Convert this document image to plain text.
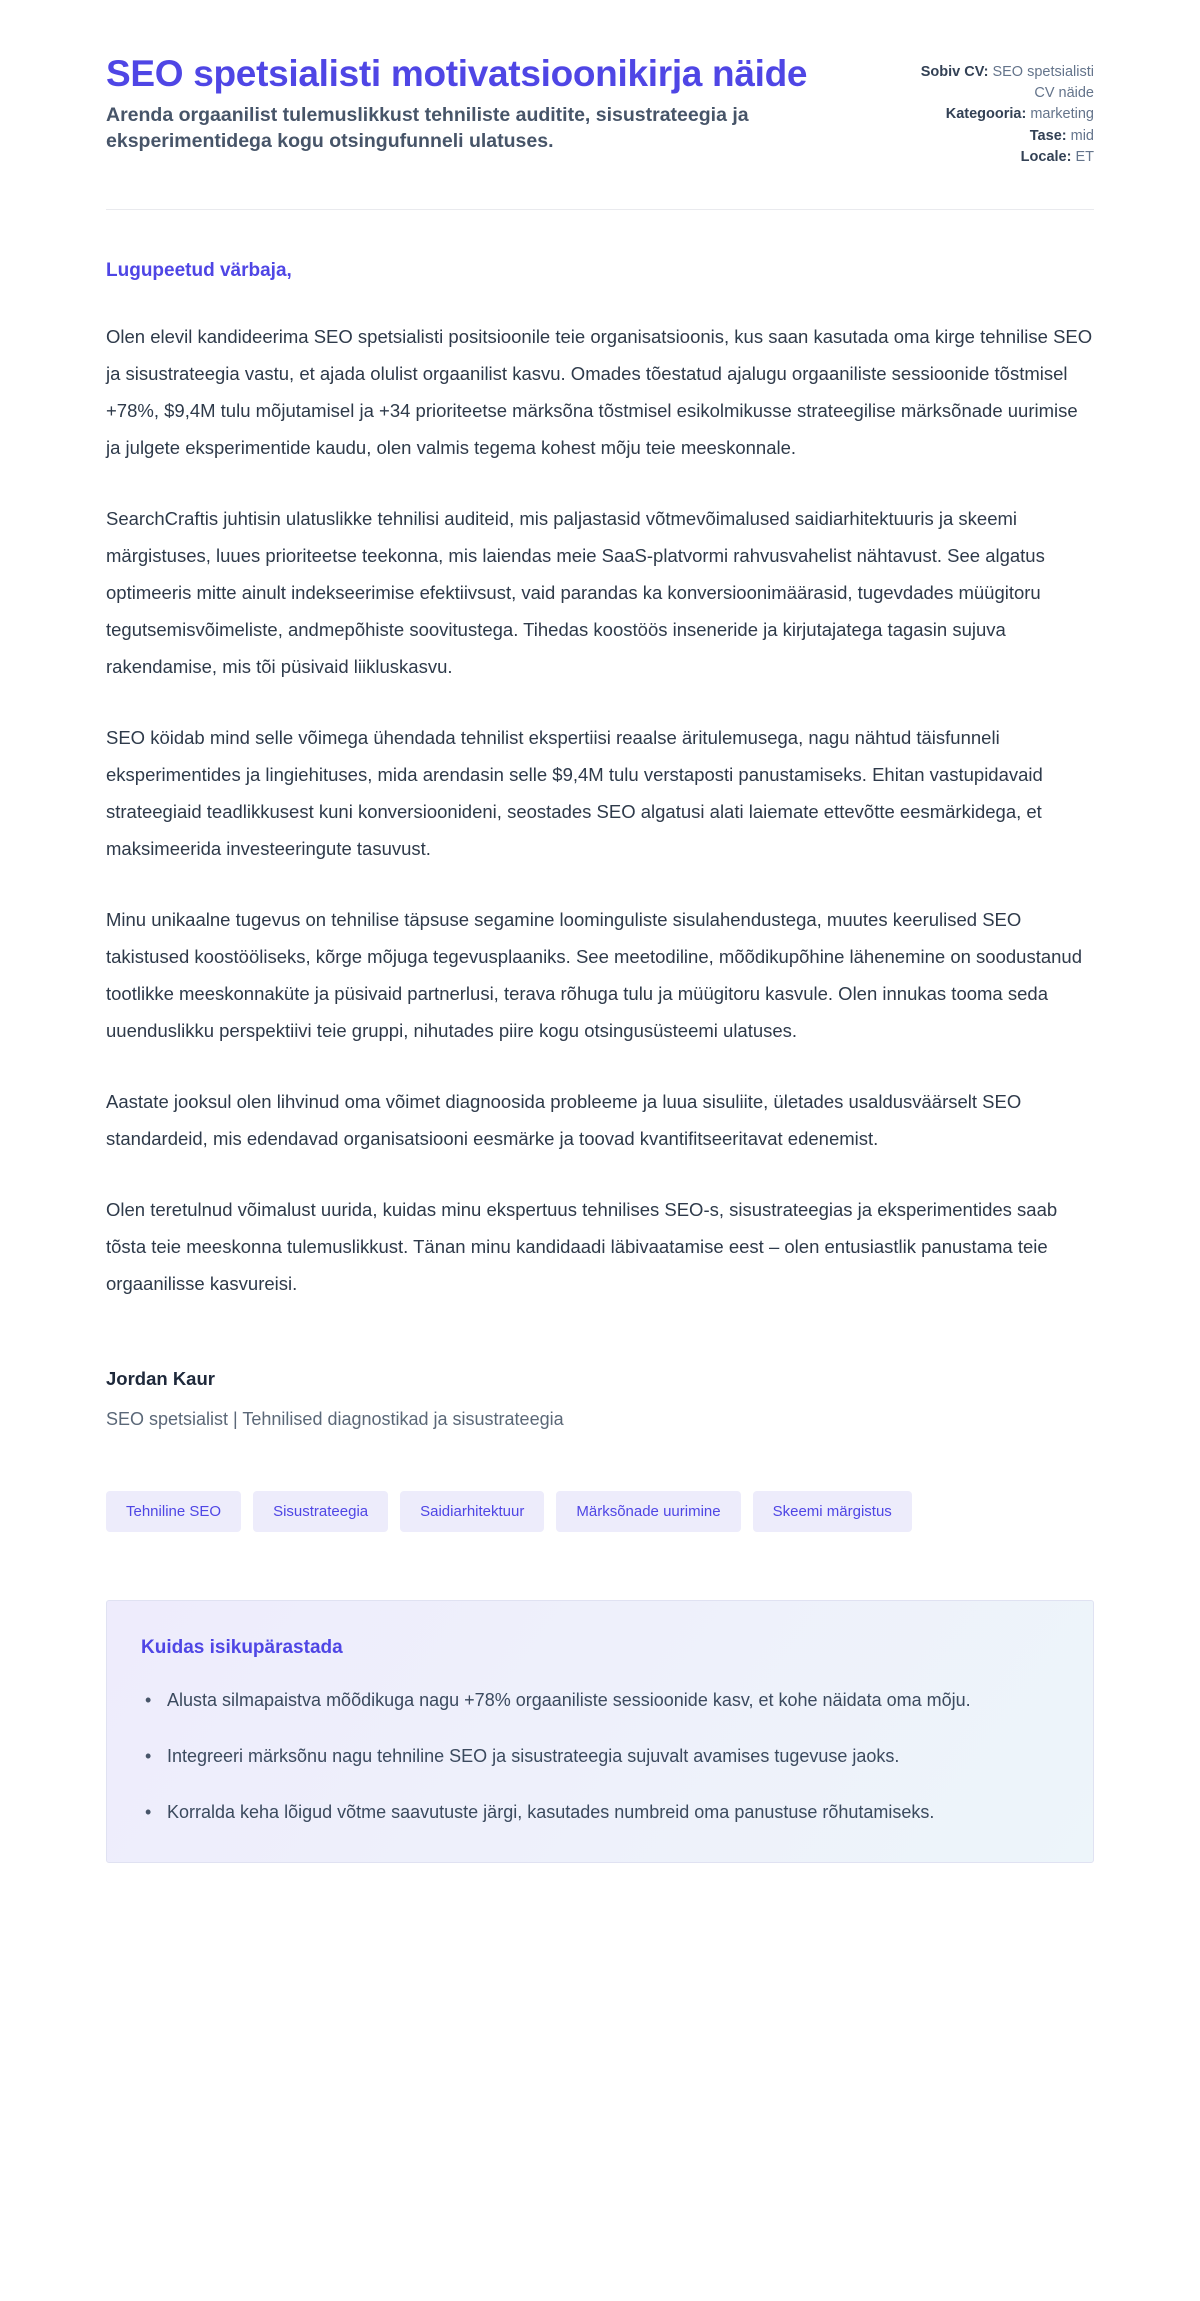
SEO spetsialisti motivatsioonikirja näide

Arenda orgaanilist tulemuslikkust tehniliste auditite, sisustrateegia ja eksperimentidega kogu otsingufunneli ulatuses.

Sobiv CV: SEO spetsialisti CV näide
Kategooria: marketing
Tase: mid
Locale: ET

Lugupeetud värbaja,

Olen elevil kandideerima SEO spetsialisti positsioonile teie organisatsioonis, kus saan kasutada oma kirge tehnilise SEO ja sisustrateegia vastu, et ajada olulist orgaanilist kasvu. Omades tõestatud ajalugu orgaaniliste sessioonide tõstmisel +78%, $9,4M tulu mõjutamisel ja +34 prioriteetse märksõna tõstmisel esikolmikusse strateegilise märksõnade uurimise ja julgete eksperimentide kaudu, olen valmis tegema kohest mõju teie meeskonnale.

SearchCraftis juhtisin ulatuslikke tehnilisi auditeid, mis paljastasid võtmevõimalused saidiarhitektuuris ja skeemi märgistuses, luues prioriteetse teekonna, mis laiendas meie SaaS-platvormi rahvusvahelist nähtavust. See algatus optimeeris mitte ainult indekseerimise efektiivsust, vaid parandas ka konversioonimäärasid, tugevdades müügitoru tegutsemisvõimeliste, andmepõhiste soovitustega. Tihedas koostöös inseneride ja kirjutajatega tagasin sujuva rakendamise, mis tõi püsivaid liikluskasvu.

SEO köidab mind selle võimega ühendada tehnilist ekspertiisi reaalse äritulemusega, nagu nähtud täisfunneli eksperimentides ja lingiehituses, mida arendasin selle $9,4M tulu verstaposti panustamiseks. Ehitan vastupidavaid strateegiaid teadlikkusest kuni konversioonideni, seostades SEO algatusi alati laiemate ettevõtte eesmärkidega, et maksimeerida investeeringute tasuvust.

Minu unikaalne tugevus on tehnilise täpsuse segamine loominguliste sisulahendustega, muutes keerulised SEO takistused koostööliseks, kõrge mõjuga tegevusplaaniks. See meetodiline, mõõdikupõhine lähenemine on soodustanud tootlikke meeskonnaküte ja püsivaid partnerlusi, terava rõhuga tulu ja müügitoru kasvule. Olen innukas tooma seda uuenduslikku perspektiivi teie gruppi, nihutades piire kogu otsingusüsteemi ulatuses.

Aastate jooksul olen lihvinud oma võimet diagnoosida probleeme ja luua sisuliite, ületades usaldusväärselt SEO standardeid, mis edendavad organisatsiooni eesmärke ja toovad kvantifitseeritavat edenemist.

Olen teretulnud võimalust uurida, kuidas minu ekspertuus tehnilises SEO-s, sisustrateegias ja eksperimentides saab tõsta teie meeskonna tulemuslikkust. Tänan minu kandidaadi läbivaatamise eest – olen entusiastlik panustama teie orgaanilisse kasvureisi.

Jordan Kaur

SEO spetsialist | Tehnilised diagnostikad ja sisustrateegia

Tehniline SEO	Sisustrateegia	Saidiarhitektuur	Märksõnade uurimine	Skeemi märgistus
Kuidas isikupärastada
• Alusta silmapaistva mõõdikuga nagu +78% orgaaniliste sessioonide kasv, et kohe näidata oma mõju.
• Integreeri märksõnu nagu tehniline SEO ja sisustrateegia sujuvalt avamises tugevuse jaoks.
• Korralda keha lõigud võtme saavutuste järgi, kasutades numbreid oma panustuse rõhutamiseks.
